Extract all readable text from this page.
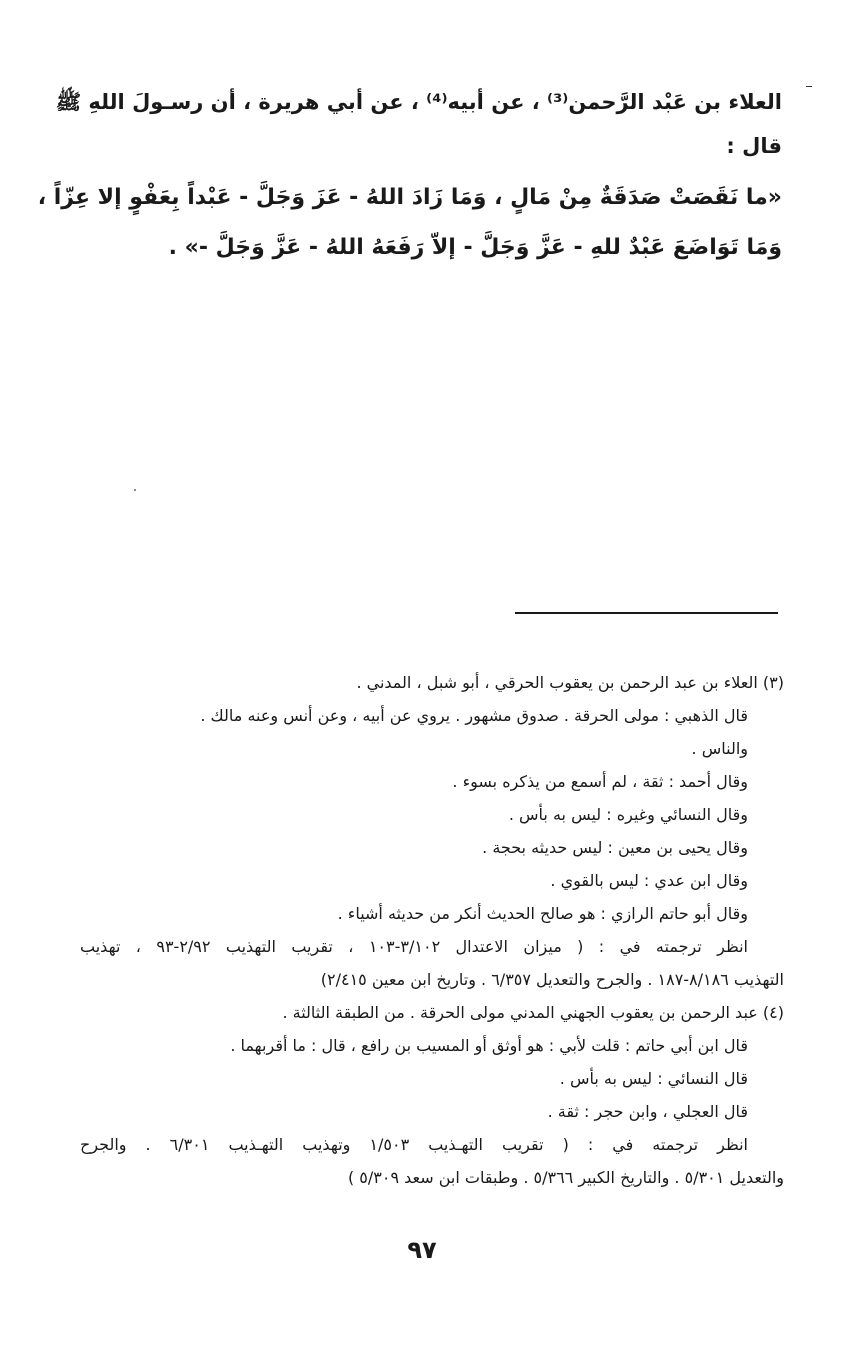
العلاء بن عَبْد الرَّحمن⁽³⁾ ، عن أبيه⁽⁴⁾ ، عن أبي هريرة ، أن رسـولَ اللهِ ﷺ
قال :
«ما نَقَصَتْ صَدَقَةٌ مِنْ مَالٍ ، وَمَا زَادَ اللهُ - عَزَ وَجَلَّ - عَبْداً بِعَفْوٍ إلا عِزّاً ،
وَمَا تَوَاضَعَ عَبْدٌ للهِ - عَزَّ وَجَلَّ - إلاّ رَفَعَهُ اللهُ - عَزَّ وَجَلَّ -» .
(٣) العلاء بن عبد الرحمن بن يعقوب الحرقي ، أبو شبل ، المدني .
قال الذهبي : مولى الحرقة . صدوق مشهور . يروي عن أبيه ، وعن أنس وعنه مالك .
والناس .
وقال أحمد : ثقة ، لم أسمع من يذكره بسوء .
وقال النسائي وغيره : ليس به بأس .
وقال يحيى بن معين : ليس حديثه بحجة .
وقال ابن عدي : ليس بالقوي .
وقال أبو حاتم الرازي : هو صالح الحديث أنكر من حديثه أشياء .
انظر ترجمته في : ( ميزان الاعتدال ٣/١٠٢-١٠٣ ، تقريب التهذيب ٢/٩٢-٩٣ ، تهذيب
التهذيب ٨/١٨٦-١٨٧ . والجرح والتعديل ٦/٣٥٧ . وتاريخ ابن معين ٢/٤١٥)
(٤) عبد الرحمن بن يعقوب الجهني المدني مولى الحرقة . من الطبقة الثالثة .
قال ابن أبي حاتم : قلت لأبي : هو أوثق أو المسيب بن رافع ، قال : ما أقربهما .
قال النسائي : ليس به بأس .
قال العجلي ، وابن حجر : ثقة .
انظر ترجمته في : ( تقريب التهـذيب ١/٥٠٣ وتهذيب التهـذيب ٦/٣٠١ . والجرح
والتعديل ٥/٣٠١ . والتاريخ الكبير ٥/٣٦٦ . وطبقات ابن سعد ٥/٣٠٩ )
٩٧
